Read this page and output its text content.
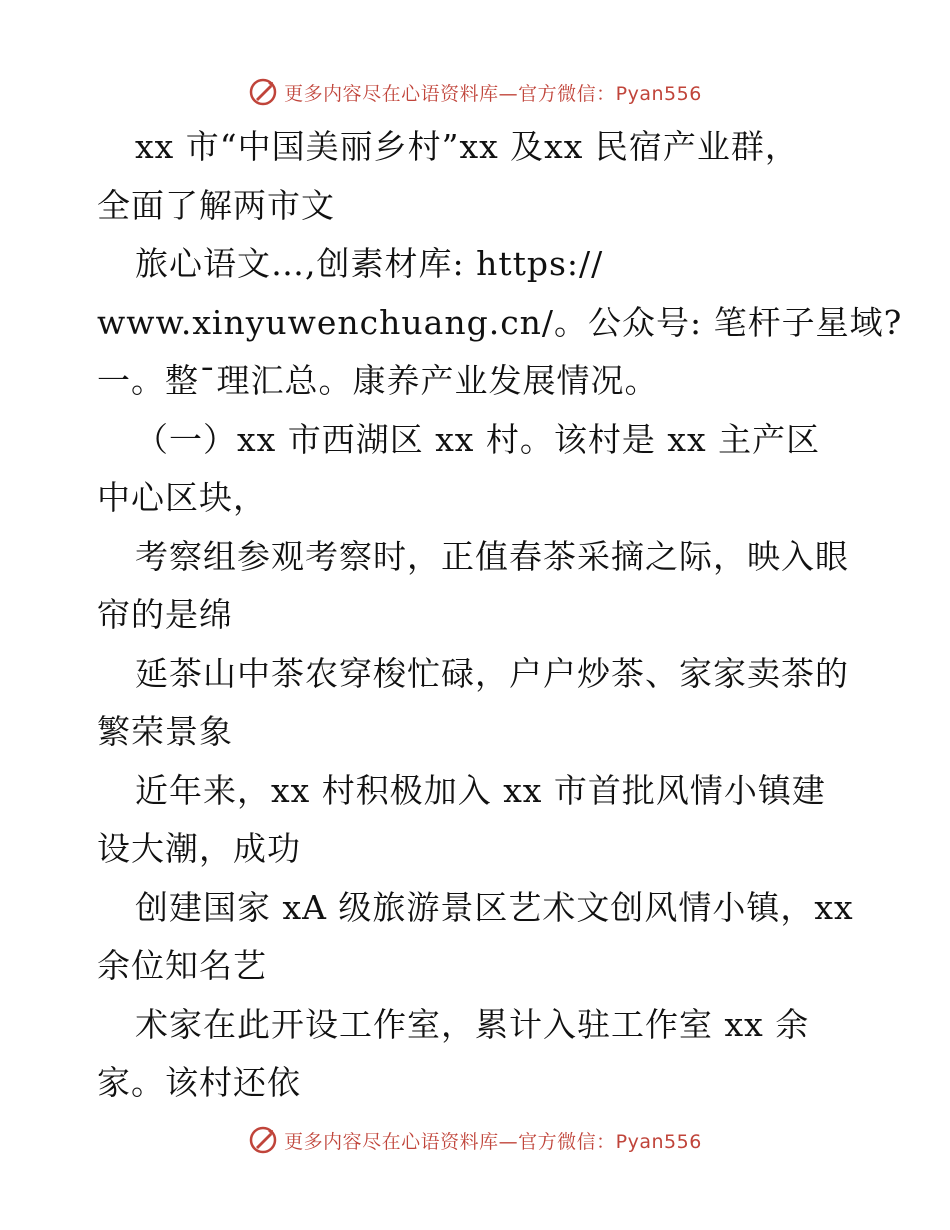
更多内容尽在心语资料库—官方微信：Pyan556

xx 市“中国美丽乡村”xx 及xx 民宿产业群，

全面了解两市文

旅心语文…,创素材库: https://

www.xinyuwenchuang.cn/。公众号: 笔杆子星域?

一。整¯理汇总。康养产业发展情况。

（一）xx 市西湖区 xx 村。该村是 xx 主产区

中心区块，

考察组参观考察时，正值春茶采摘之际，映入眼

帘的是绵

延茶山中茶农穿梭忙碌，户户炒茶、家家卖茶的

繁荣景象

近年来，xx 村积极加入 xx 市首批风情小镇建

设大潮，成功

创建国家 xA 级旅游景区艺术文创风情小镇，xx

余位知名艺

术家在此开设工作室，累计入驻工作室 xx 余

家。该村还依

更多内容尽在心语资料库—官方微信：Pyan556
